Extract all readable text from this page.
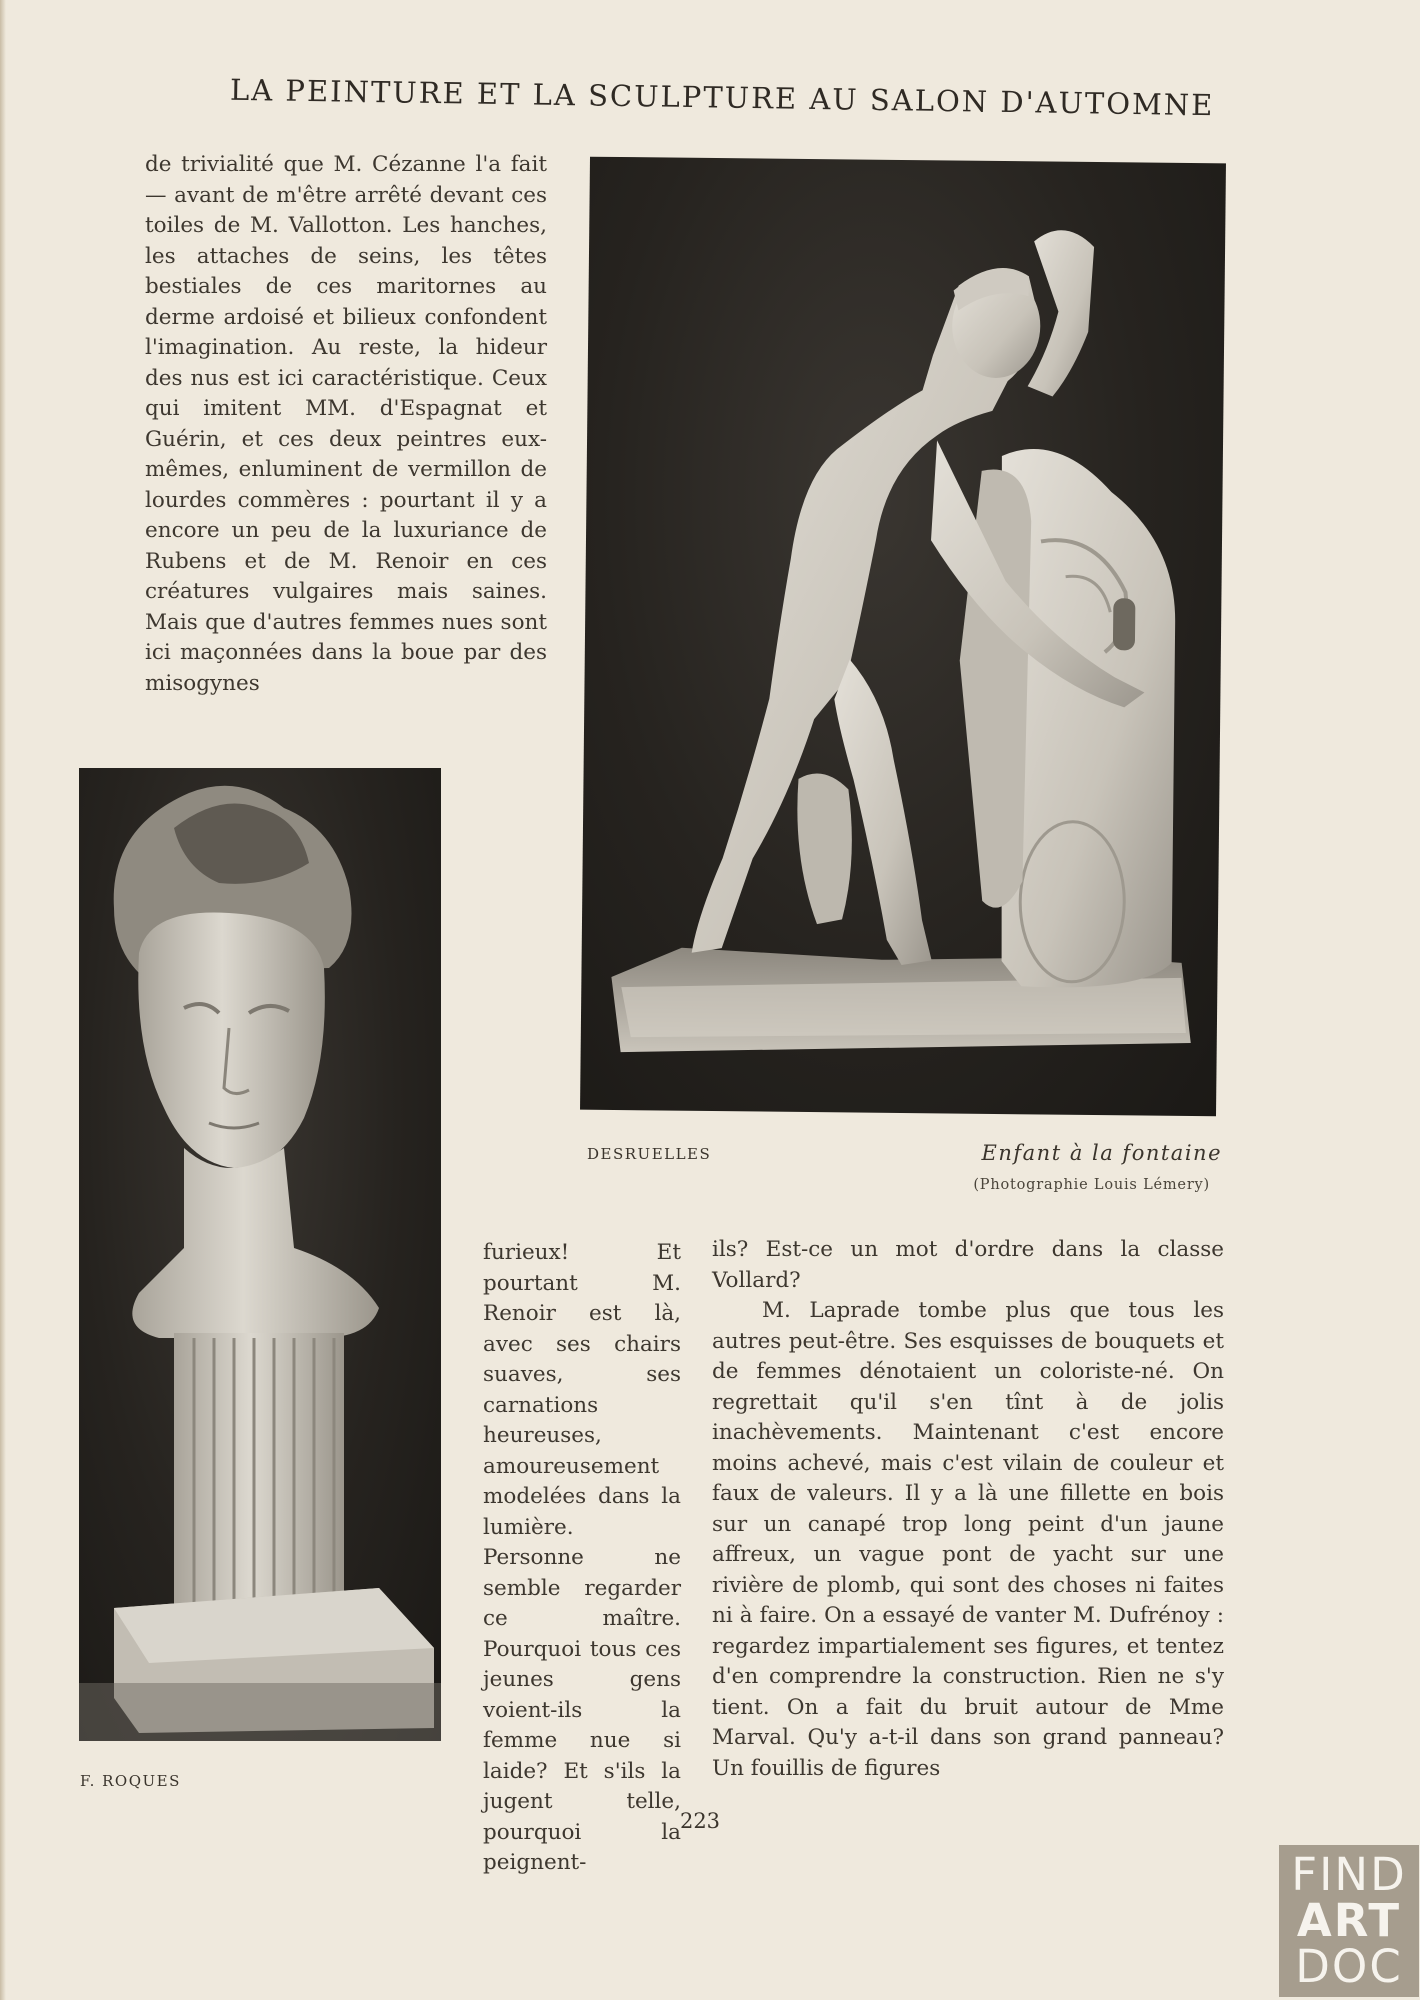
LA PEINTURE ET LA SCULPTURE AU SALON D'AUTOMNE

de trivialité que M. Cézanne l'a fait — avant de m'être arrêté devant ces toiles de M. Vallotton. Les hanches, les attaches de seins, les têtes bestiales de ces maritornes au derme ardoisé et bilieux confondent l'imagination. Au reste, la hideur des nus est ici caractéristique. Ceux qui imitent MM. d'Espagnat et Guérin, et ces deux peintres eux-mêmes, enluminent de vermillon de lourdes commères : pourtant il y a encore un peu de la luxuriance de Rubens et de M. Renoir en ces créatures vulgaires mais saines. Mais que d'autres femmes nues sont ici maçonnées dans la boue par des misogynes

DESRUELLES	Enfant à la fontaine
(Photographie Louis Lémery)
F. ROQUES

furieux! Et pourtant M. Renoir est là, avec ses chairs suaves, ses carnations heureuses, amoureusement modelées dans la lumière. Personne ne semble regarder ce maître. Pourquoi tous ces jeunes gens voient-ils la femme nue si laide? Et s'ils la jugent telle, pourquoi la peignent-

ils? Est-ce un mot d'ordre dans la classe Vollard?

M. Laprade tombe plus que tous les autres peut-être. Ses esquisses de bouquets et de femmes dénotaient un coloriste-né. On regrettait qu'il s'en tînt à de jolis inachèvements. Maintenant c'est encore moins achevé, mais c'est vilain de couleur et faux de valeurs. Il y a là une fillette en bois sur un canapé trop long peint d'un jaune affreux, un vague pont de yacht sur une rivière de plomb, qui sont des choses ni faites ni à faire. On a essayé de vanter M. Dufrénoy : regardez impartialement ses figures, et tentez d'en comprendre la construction. Rien ne s'y tient. On a fait du bruit autour de Mme Marval. Qu'y a-t-il dans son grand panneau? Un fouillis de figures

223
FIND
ART
DOC
